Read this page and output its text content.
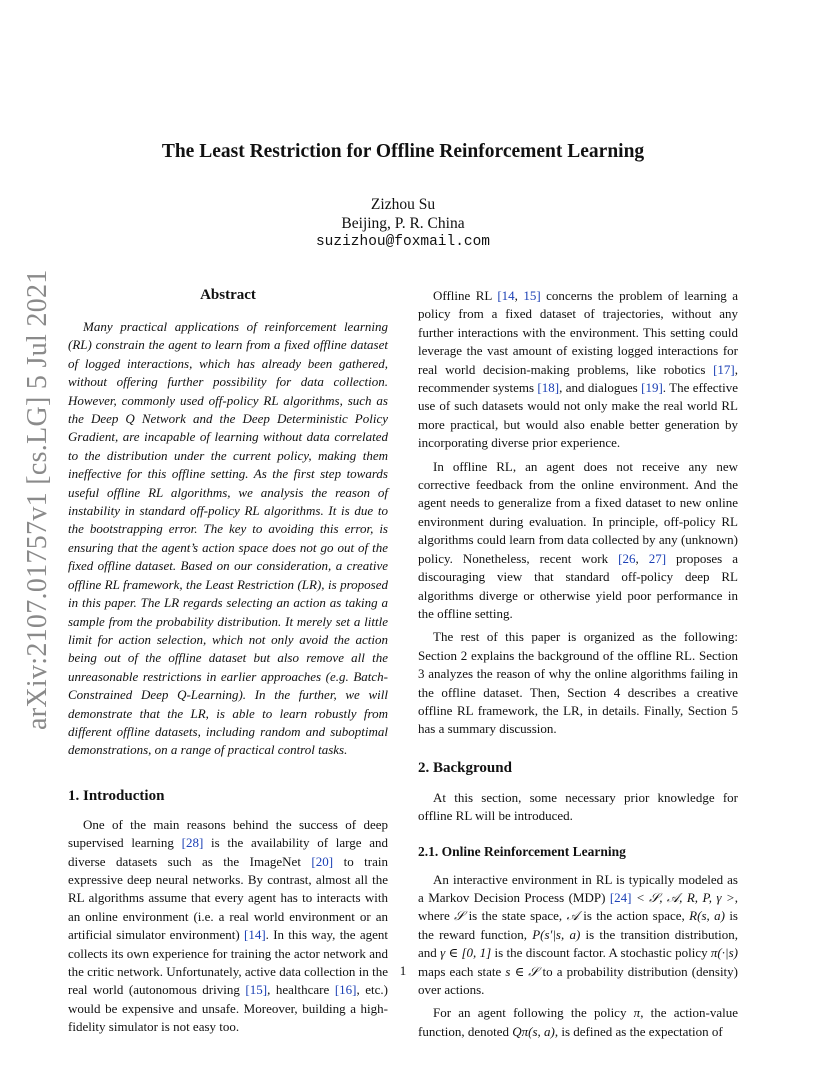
arXiv:2107.01757v1 [cs.LG] 5 Jul 2021
The Least Restriction for Offline Reinforcement Learning
Zizhou Su
Beijing, P. R. China
suzizhou@foxmail.com
Abstract

Many practical applications of reinforcement learning (RL) constrain the agent to learn from a fixed offline dataset of logged interactions, which has already been gathered, without offering further possibility for data collection. However, commonly used off-policy RL algorithms, such as the Deep Q Network and the Deep Deterministic Policy Gradient, are incapable of learning without data correlated to the distribution under the current policy, making them ineffective for this offline setting. As the first step towards useful offline RL algorithms, we analysis the reason of instability in standard off-policy RL algorithms. It is due to the bootstrapping error. The key to avoiding this error, is ensuring that the agent’s action space does not go out of the fixed offline dataset. Based on our consideration, a creative offline RL framework, the Least Restriction (LR), is proposed in this paper. The LR regards selecting an action as taking a sample from the probability distribution. It merely set a little limit for action selection, which not only avoid the action being out of the offline dataset but also remove all the unreasonable restrictions in earlier approaches (e.g. Batch-Constrained Deep Q-Learning). In the further, we will demonstrate that the LR, is able to learn robustly from different offline datasets, including random and suboptimal demonstrations, on a range of practical control tasks.

1. Introduction

One of the main reasons behind the success of deep supervised learning [28] is the availability of large and diverse datasets such as the ImageNet [20] to train expressive deep neural networks. By contrast, almost all the RL algorithms assume that every agent has to interacts with an online environment (i.e. a real world environment or an artificial simulator environment) [14]. In this way, the agent collects its own experience for training the actor network and the critic network. Unfortunately, active data collection in the real world (autonomous driving [15], healthcare [16], etc.) would be expensive and unsafe. Moreover, building a high-fidelity simulator is not easy too.

Offline RL [14, 15] concerns the problem of learning a policy from a fixed dataset of trajectories, without any further interactions with the environment. This setting could leverage the vast amount of existing logged interactions for real world decision-making problems, like robotics [17], recommender systems [18], and dialogues [19]. The effective use of such datasets would not only make the real world RL more practical, but would also enable better generation by incorporating diverse prior experience.

In offline RL, an agent does not receive any new corrective feedback from the online environment. And the agent needs to generalize from a fixed dataset to new online environment during evaluation. In principle, off-policy RL algorithms could learn from data collected by any (unknown) policy. Nonetheless, recent work [26, 27] proposes a discouraging view that standard off-policy deep RL algorithms diverge or otherwise yield poor performance in the offline setting.

The rest of this paper is organized as the following: Section 2 explains the background of the offline RL. Section 3 analyzes the reason of why the online algorithms failing in the offline dataset. Then, Section 4 describes a creative offline RL framework, the LR, in details. Finally, Section 5 has a summary discussion.

2. Background

At this section, some necessary prior knowledge for offline RL will be introduced.

2.1. Online Reinforcement Learning

An interactive environment in RL is typically modeled as a Markov Decision Process (MDP) [24] < 𝒮, 𝒜, R, P, γ >, where 𝒮 is the state space, 𝒜 is the action space, R(s, a) is the reward function, P(s′|s, a) is the transition distribution, and γ ∈ [0, 1] is the discount factor. A stochastic policy π(·|s) maps each state s ∈ 𝒮 to a probability distribution (density) over actions.

For an agent following the policy π, the action-value function, denoted Qπ(s, a), is defined as the expectation of

1
